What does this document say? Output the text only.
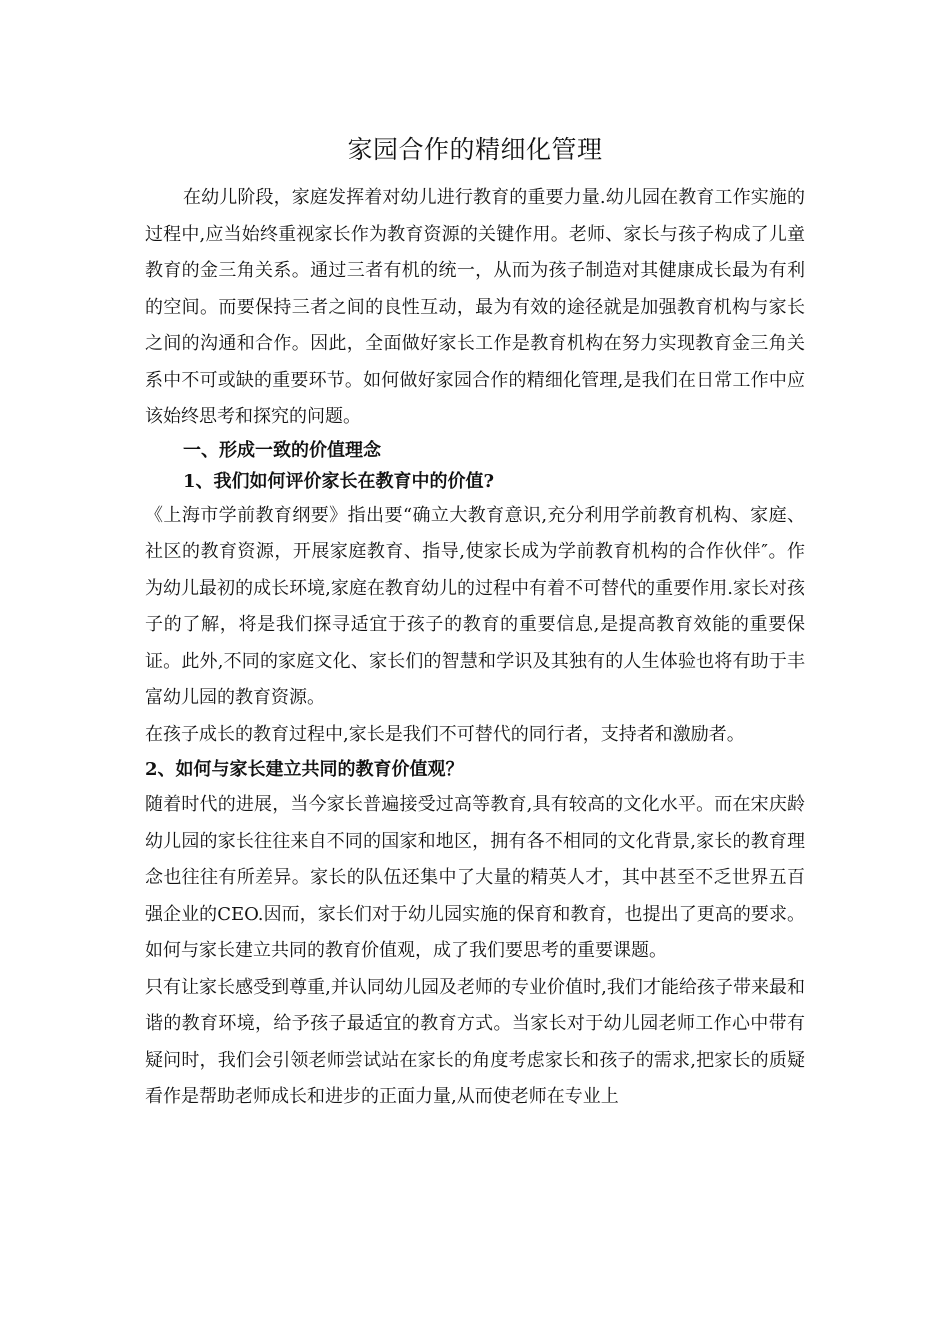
家园合作的精细化管理

在幼儿阶段，家庭发挥着对幼儿进行教育的重要力量.幼儿园在教育工作实施的过程中,应当始终重视家长作为教育资源的关键作用。老师、家长与孩子构成了儿童教育的金三角关系。通过三者有机的统一，从而为孩子制造对其健康成长最为有利的空间。而要保持三者之间的良性互动，最为有效的途径就是加强教育机构与家长之间的沟通和合作。因此，全面做好家长工作是教育机构在努力实现教育金三角关系中不可或缺的重要环节。如何做好家园合作的精细化管理,是我们在日常工作中应该始终思考和探究的问题。

一、形成一致的价值理念

1、我们如何评价家长在教育中的价值?

《上海市学前教育纲要》指出要“确立大教育意识,充分利用学前教育机构、家庭、社区的教育资源，开展家庭教育、指导,使家长成为学前教育机构的合作伙伴″。作为幼儿最初的成长环境,家庭在教育幼儿的过程中有着不可替代的重要作用.家长对孩子的了解，将是我们探寻适宜于孩子的教育的重要信息,是提高教育效能的重要保证。此外,不同的家庭文化、家长们的智慧和学识及其独有的人生体验也将有助于丰富幼儿园的教育资源。

在孩子成长的教育过程中,家长是我们不可替代的同行者，支持者和激励者。

2、如何与家长建立共同的教育价值观？

随着时代的进展，当今家长普遍接受过高等教育,具有较高的文化水平。而在宋庆龄幼儿园的家长往往来自不同的国家和地区，拥有各不相同的文化背景,家长的教育理念也往往有所差异。家长的队伍还集中了大量的精英人才，其中甚至不乏世界五百强企业的CEO.因而，家长们对于幼儿园实施的保育和教育，也提出了更高的要求。如何与家长建立共同的教育价值观，成了我们要思考的重要课题。

只有让家长感受到尊重,并认同幼儿园及老师的专业价值时,我们才能给孩子带来最和谐的教育环境，给予孩子最适宜的教育方式。当家长对于幼儿园老师工作心中带有疑问时，我们会引领老师尝试站在家长的角度考虑家长和孩子的需求,把家长的质疑看作是帮助老师成长和进步的正面力量,从而使老师在专业上
